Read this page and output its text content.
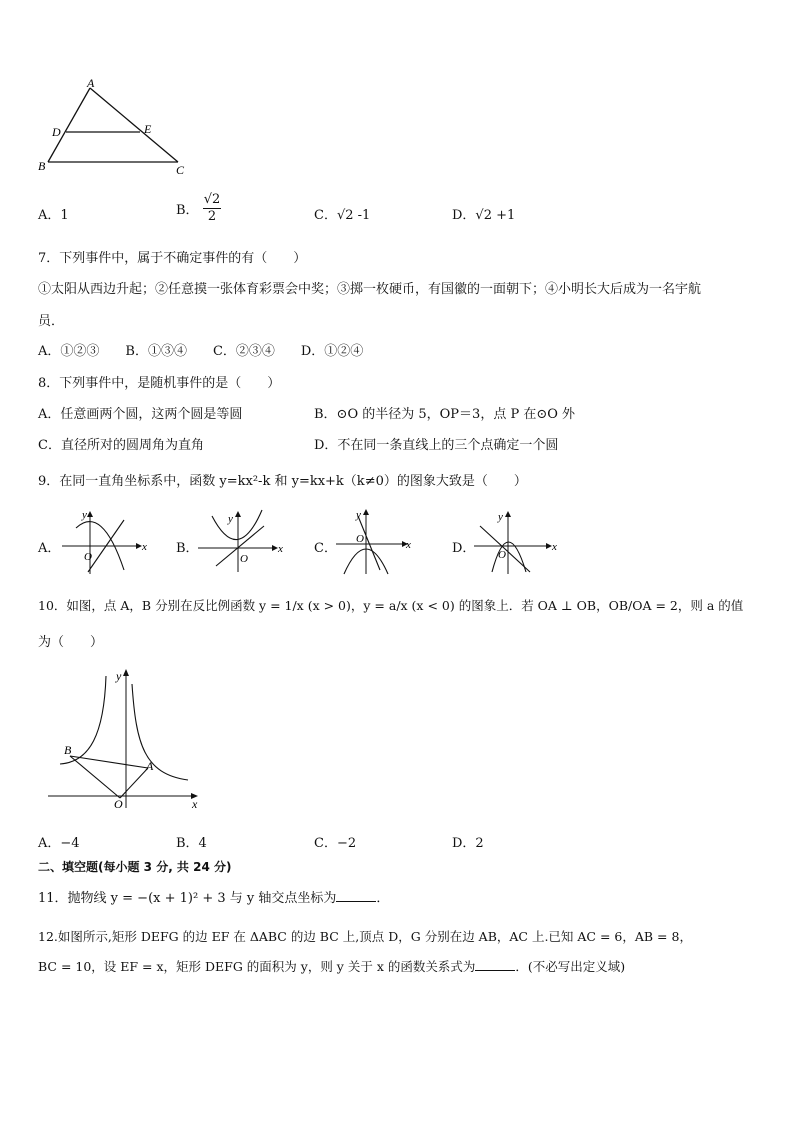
A
D	E
B	C
A．1	B． $\frac{√2}{2}$	C．√2 -1	D．√2 +1
7．下列事件中，属于不确定事件的有（　　）
①太阳从西边升起；②任意摸一张体育彩票会中奖；③掷一枚硬币，有国徽的一面朝下；④小明长大后成为一名宇航
员．
A．①②③　　B．①③④　　C．②③④　　D．①②④
8．下列事件中，是随机事件的是（　　）
A．任意画两个圆，这两个圆是等圆	B．⊙O 的半径为 5，OP＝3，点 P 在⊙O 外
C．直径所对的圆周角为直角	D．不在同一条直线上的三个点确定一个圆
9．在同一直角坐标系中，函数 y=kx²-k 和 y=kx+k（k≠0）的图象大致是（　　）
A．	x
y
O
B．	x
y
O
C．	x
y
O
D．	x
y
O
10．如图，点 A，B 分别在反比例函数 y = 1/x (x > 0)，y = a/x (x < 0) 的图象上．若 OA ⊥ OB，OB/OA = 2，则 a 的值
为（　　）
y
x
B
A
O
A．−4	B．4	C．−2	D．2
二、填空题(每小题 3 分, 共 24 分)
11．抛物线 y = −(x + 1)² + 3 与 y 轴交点坐标为	．
12.如图所示,矩形 DEFG 的边 EF 在 ΔABC 的边 BC 上,顶点 D，G 分别在边 AB，AC 上.已知 AC = 6，AB = 8，
BC = 10，设 EF = x，矩形 DEFG 的面积为 y，则 y 关于 x 的函数关系式为	．(不必写出定义域)
